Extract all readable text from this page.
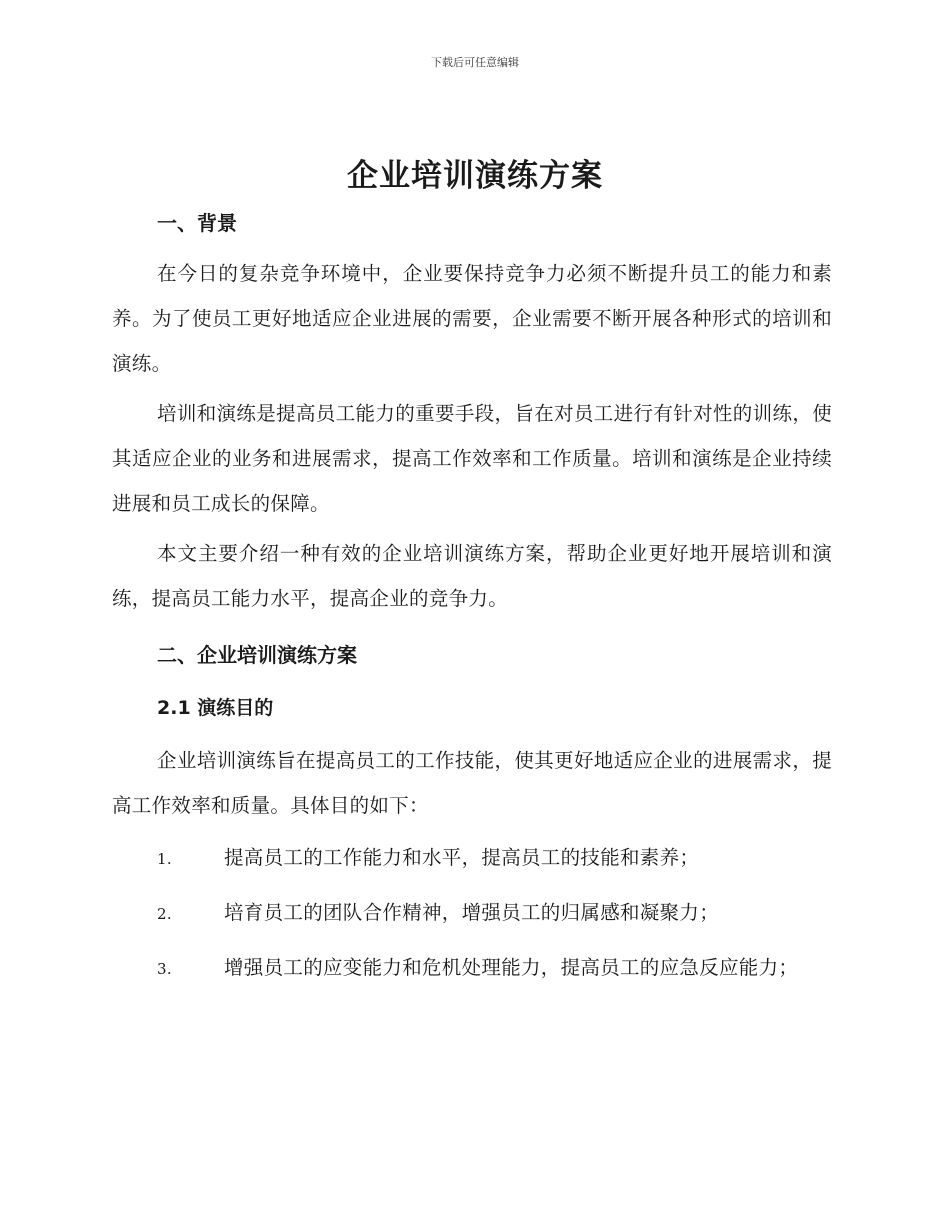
下载后可任意编辑
企业培训演练方案
一、背景
在今日的复杂竞争环境中，企业要保持竞争力必须不断提升员工的能力和素养。为了使员工更好地适应企业进展的需要，企业需要不断开展各种形式的培训和演练。
培训和演练是提高员工能力的重要手段，旨在对员工进行有针对性的训练，使其适应企业的业务和进展需求，提高工作效率和工作质量。培训和演练是企业持续进展和员工成长的保障。
本文主要介绍一种有效的企业培训演练方案，帮助企业更好地开展培训和演练，提高员工能力水平，提高企业的竞争力。
二、企业培训演练方案
2.1 演练目的
企业培训演练旨在提高员工的工作技能，使其更好地适应企业的进展需求，提高工作效率和质量。具体目的如下：
1.	提高员工的工作能力和水平，提高员工的技能和素养；
2.	培育员工的团队合作精神，增强员工的归属感和凝聚力；
3.	增强员工的应变能力和危机处理能力，提高员工的应急反应能力；
